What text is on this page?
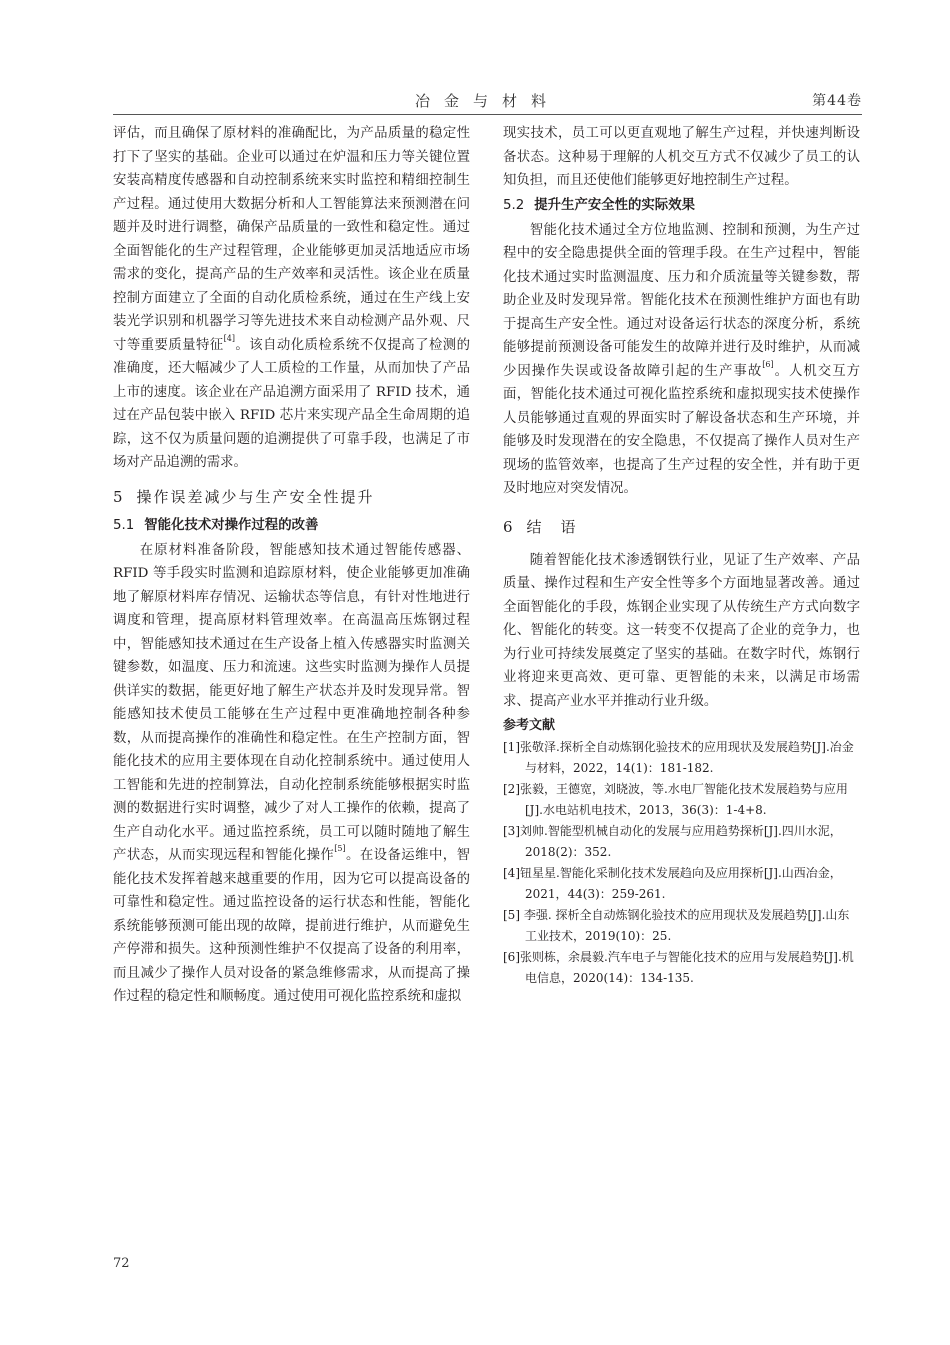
冶金与材料	第44卷

评估，而且确保了原材料的准确配比，为产品质量的稳定性打下了坚实的基础。企业可以通过在炉温和压力等关键位置安装高精度传感器和自动控制系统来实时监控和精细控制生产过程。通过使用大数据分析和人工智能算法来预测潜在问题并及时进行调整，确保产品质量的一致性和稳定性。通过全面智能化的生产过程管理，企业能够更加灵活地适应市场需求的变化，提高产品的生产效率和灵活性。该企业在质量控制方面建立了全面的自动化质检系统，通过在生产线上安装光学识别和机器学习等先进技术来自动检测产品外观、尺寸等重要质量特征[4]。该自动化质检系统不仅提高了检测的准确度，还大幅减少了人工质检的工作量，从而加快了产品上市的速度。该企业在产品追溯方面采用了 RFID 技术，通过在产品包装中嵌入 RFID 芯片来实现产品全生命周期的追踪，这不仅为质量问题的追溯提供了可靠手段，也满足了市场对产品追溯的需求。

5 操作误差减少与生产安全性提升
5.1 智能化技术对操作过程的改善

在原材料准备阶段，智能感知技术通过智能传感器、RFID 等手段实时监测和追踪原材料，使企业能够更加准确地了解原材料库存情况、运输状态等信息，有针对性地进行调度和管理，提高原材料管理效率。在高温高压炼钢过程中，智能感知技术通过在生产设备上植入传感器实时监测关键参数，如温度、压力和流速。这些实时监测为操作人员提供详实的数据，能更好地了解生产状态并及时发现异常。智能感知技术使员工能够在生产过程中更准确地控制各种参数，从而提高操作的准确性和稳定性。在生产控制方面，智能化技术的应用主要体现在自动化控制系统中。通过使用人工智能和先进的控制算法，自动化控制系统能够根据实时监测的数据进行实时调整，减少了对人工操作的依赖，提高了生产自动化水平。通过监控系统，员工可以随时随地了解生产状态，从而实现远程和智能化操作[5]。在设备运维中，智能化技术发挥着越来越重要的作用，因为它可以提高设备的可靠性和稳定性。通过监控设备的运行状态和性能，智能化系统能够预测可能出现的故障，提前进行维护，从而避免生产停滞和损失。这种预测性维护不仅提高了设备的利用率，而且减少了操作人员对设备的紧急维修需求，从而提高了操作过程的稳定性和顺畅度。通过使用可视化监控系统和虚拟

现实技术，员工可以更直观地了解生产过程，并快速判断设备状态。这种易于理解的人机交互方式不仅减少了员工的认知负担，而且还使他们能够更好地控制生产过程。

5.2 提升生产安全性的实际效果

智能化技术通过全方位地监测、控制和预测，为生产过程中的安全隐患提供全面的管理手段。在生产过程中，智能化技术通过实时监测温度、压力和介质流量等关键参数，帮助企业及时发现异常。智能化技术在预测性维护方面也有助于提高生产安全性。通过对设备运行状态的深度分析，系统能够提前预测设备可能发生的故障并进行及时维护，从而减少因操作失误或设备故障引起的生产事故[6]。人机交互方面，智能化技术通过可视化监控系统和虚拟现实技术使操作人员能够通过直观的界面实时了解设备状态和生产环境，并能够及时发现潜在的安全隐患，不仅提高了操作人员对生产现场的监管效率，也提高了生产过程的安全性，并有助于更及时地应对突发情况。

6 结　语

随着智能化技术渗透钢铁行业，见证了生产效率、产品质量、操作过程和生产安全性等多个方面地显著改善。通过全面智能化的手段，炼钢企业实现了从传统生产方式向数字化、智能化的转变。这一转变不仅提高了企业的竞争力，也为行业可持续发展奠定了坚实的基础。在数字时代，炼钢行业将迎来更高效、更可靠、更智能的未来，以满足市场需求、提高产业水平并推动行业升级。

参考文献

[1]张敬泽.探析全自动炼钢化验技术的应用现状及发展趋势[J].冶金与材料，2022，14(1)：181-182.

[2]张毅，王德宽，刘晓波，等.水电厂智能化技术发展趋势与应用[J].水电站机电技术，2013，36(3)：1-4+8.

[3]刘帅.智能型机械自动化的发展与应用趋势探析[J].四川水泥，2018(2)：352.

[4]钮星星.智能化采制化技术发展趋向及应用探析[J].山西冶金，2021，44(3)：259-261.

[5] 李强. 探析全自动炼钢化验技术的应用现状及发展趋势[J].山东工业技术，2019(10)：25.

[6]张则栋，余晨毅.汽车电子与智能化技术的应用与发展趋势[J].机电信息，2020(14)：134-135.

72
